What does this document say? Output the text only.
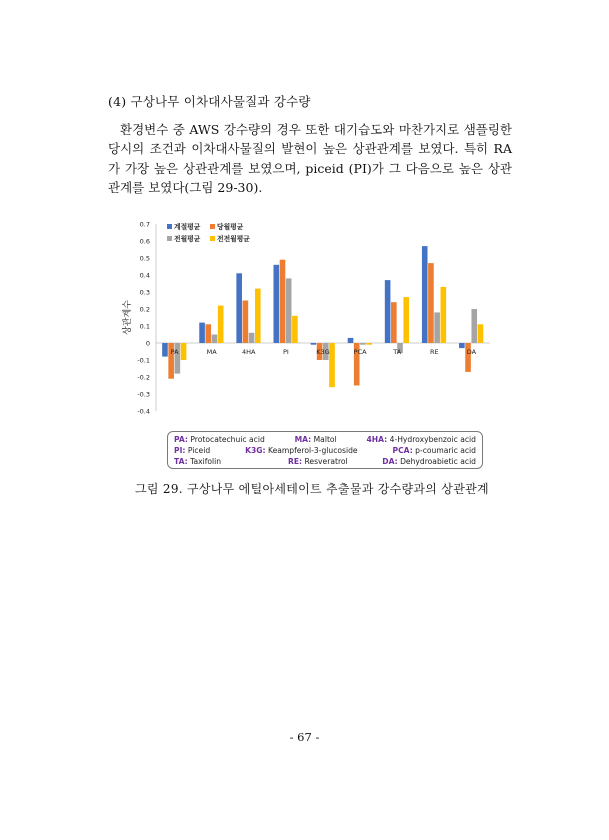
(4) 구상나무 이차대사물질과 강수량

환경변수 중 AWS 강수량의 경우 또한 대기습도와 마찬가지로 샘플링한 당시의 조건과 이차대사물질의 발현이 높은 상관관계를 보였다. 특히 RA 가 가장 높은 상관관계를 보였으며, piceid (PI)가 그 다음으로 높은 상관관계를 보였다(그림 29-30).

0.7
0.6
0.5
0.4
0.3
0.2
0.1
0
-0.1
-0.2
-0.3
-0.4
PA	MA	4HA	PI	K3G	PCA	TA	RE	DA
계절평균 당월평균
전월평균 전전월평균
상관계수
PA: Protocatechuic acid	MA: Maltol	4HA: 4-Hydroxybenzoic acid
PI: Piceid	K3G: Keampferol-3-glucoside	PCA: p-coumaric acid
TA: Taxifolin	RE: Resveratrol	DA: Dehydroabietic acid
그림 29. 구상나무 에틸아세테이트 추출물과 강수량과의 상관관계
- 67 -
